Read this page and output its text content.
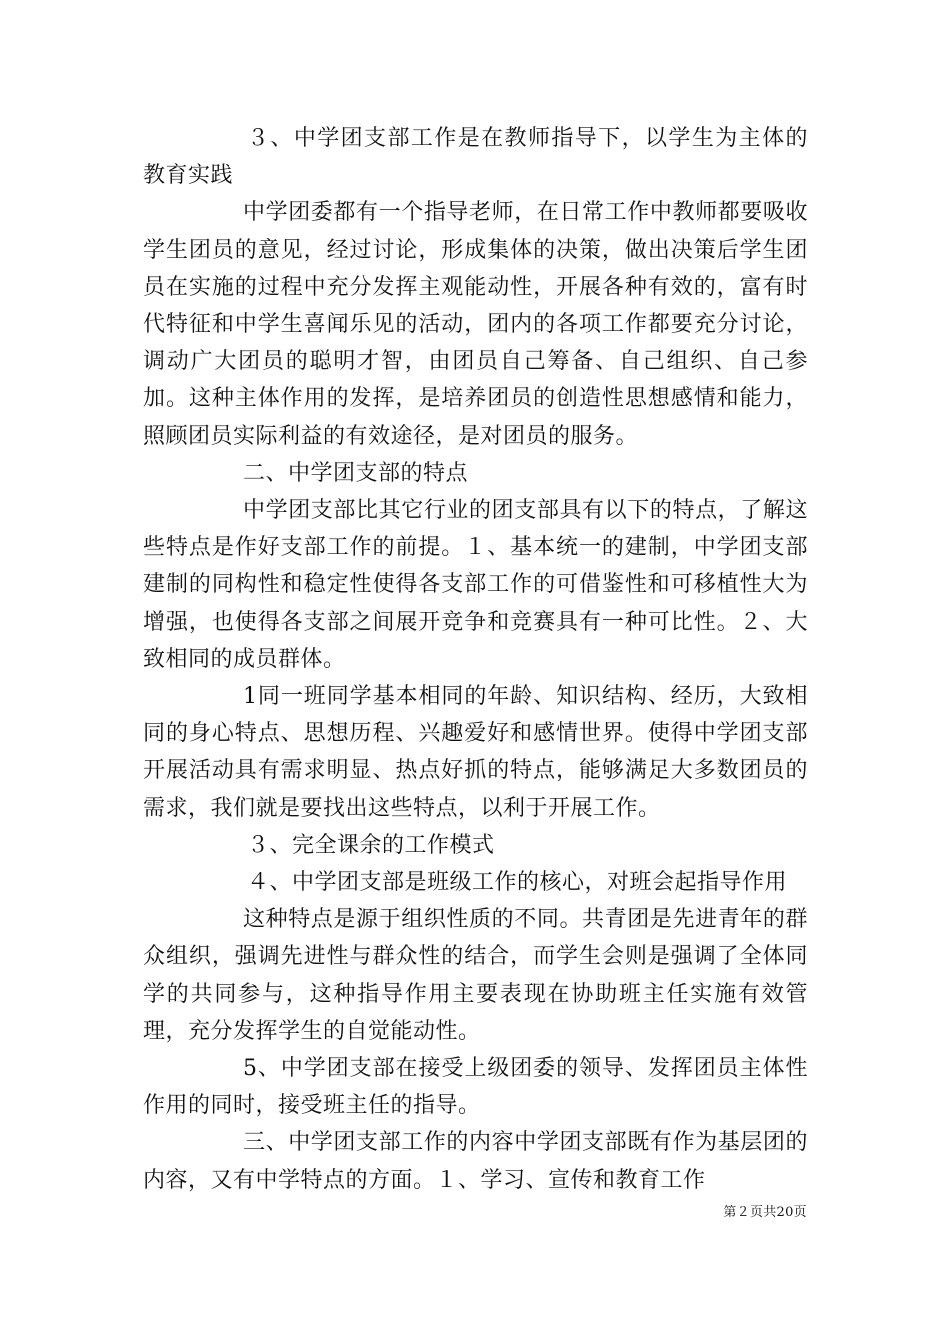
３、中学团支部工作是在教师指导下，以学生为主体的教育实践

中学团委都有一个指导老师，在日常工作中教师都要吸收学生团员的意见，经过讨论，形成集体的决策，做出决策后学生团员在实施的过程中充分发挥主观能动性，开展各种有效的，富有时代特征和中学生喜闻乐见的活动，团内的各项工作都要充分讨论，调动广大团员的聪明才智，由团员自己筹备、自己组织、自己参加。这种主体作用的发挥，是培养团员的创造性思想感情和能力，照顾团员实际利益的有效途径，是对团员的服务。

二、中学团支部的特点

中学团支部比其它行业的团支部具有以下的特点，了解这些特点是作好支部工作的前提。１、基本统一的建制，中学团支部建制的同构性和稳定性使得各支部工作的可借鉴性和可移植性大为增强，也使得各支部之间展开竞争和竞赛具有一种可比性。２、大致相同的成员群体。

1同一班同学基本相同的年龄、知识结构、经历，大致相同的身心特点、思想历程、兴趣爱好和感情世界。使得中学团支部开展活动具有需求明显、热点好抓的特点，能够满足大多数团员的需求，我们就是要找出这些特点，以利于开展工作。

３、完全课余的工作模式

４、中学团支部是班级工作的核心，对班会起指导作用

这种特点是源于组织性质的不同。共青团是先进青年的群众组织，强调先进性与群众性的结合，而学生会则是强调了全体同学的共同参与，这种指导作用主要表现在协助班主任实施有效管理，充分发挥学生的自觉能动性。

5、中学团支部在接受上级团委的领导、发挥团员主体性作用的同时，接受班主任的指导。

三、中学团支部工作的内容中学团支部既有作为基层团的内容，又有中学特点的方面。１、学习、宣传和教育工作

第２页共20页
